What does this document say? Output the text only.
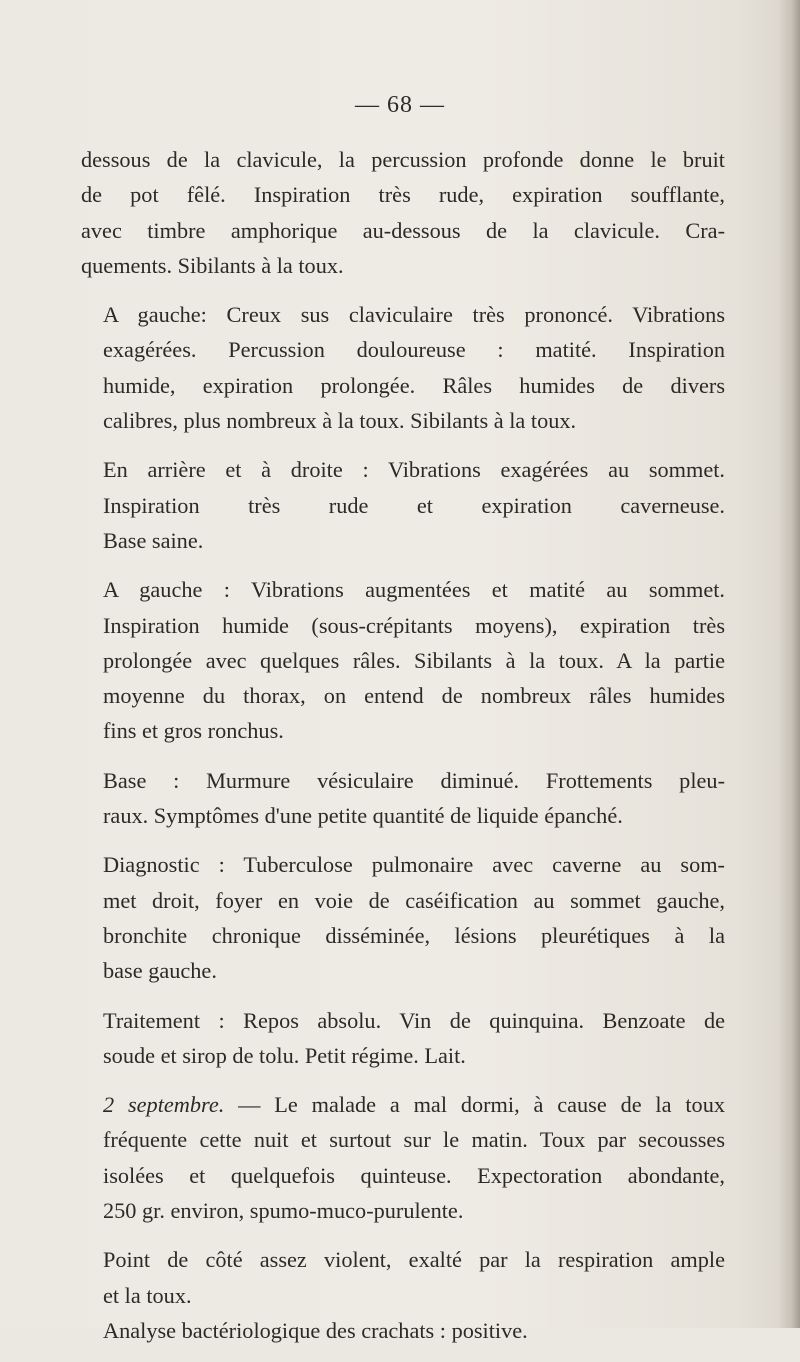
— 68 —

dessous de la clavicule, la percussion profonde donne le bruit
de pot fêlé. Inspiration très rude, expiration soufflante,
avec timbre amphorique au-dessous de la clavicule. Cra-
quements. Sibilants à la toux.

A gauche: Creux sus claviculaire très prononcé. Vibrations
exagérées. Percussion douloureuse : matité. Inspiration
humide, expiration prolongée. Râles humides de divers
calibres, plus nombreux à la toux. Sibilants à la toux.

En arrière et à droite : Vibrations exagérées au sommet.
Inspiration très rude et expiration caverneuse.
Base saine.

A gauche : Vibrations augmentées et matité au sommet.
Inspiration humide (sous-crépitants moyens), expiration très
prolongée avec quelques râles. Sibilants à la toux. A la partie
moyenne du thorax, on entend de nombreux râles humides
fins et gros ronchus.

Base : Murmure vésiculaire diminué. Frottements pleu-
raux. Symptômes d'une petite quantité de liquide épanché.

Diagnostic : Tuberculose pulmonaire avec caverne au som-
met droit, foyer en voie de caséification au sommet gauche,
bronchite chronique disséminée, lésions pleurétiques à la
base gauche.

Traitement : Repos absolu. Vin de quinquina. Benzoate de
soude et sirop de tolu. Petit régime. Lait.

2 septembre. — Le malade a mal dormi, à cause de la toux
fréquente cette nuit et surtout sur le matin. Toux par secousses
isolées et quelquefois quinteuse. Expectoration abondante,
250 gr. environ, spumo-muco-purulente.

Point de côté assez violent, exalté par la respiration ample
et la toux.

Analyse bactériologique des crachats : positive.
